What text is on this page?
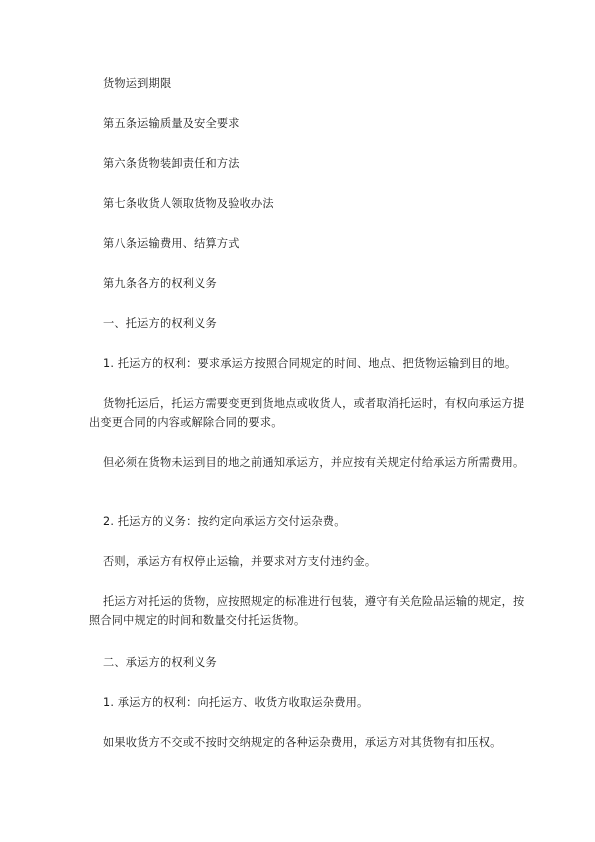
货物运到期限

第五条运输质量及安全要求

第六条货物装卸责任和方法

第七条收货人领取货物及验收办法

第八条运输费用、结算方式

第九条各方的权利义务

一、托运方的权利义务

1. 托运方的权利：要求承运方按照合同规定的时间、地点、把货物运输到目的地。

货物托运后，托运方需要变更到货地点或收货人，或者取消托运时，有权向承运方提出变更合同的内容或解除合同的要求。

但必须在货物未运到目的地之前通知承运方，并应按有关规定付给承运方所需费用。

2. 托运方的义务：按约定向承运方交付运杂费。

否则，承运方有权停止运输，并要求对方支付违约金。

托运方对托运的货物，应按照规定的标准进行包装，遵守有关危险品运输的规定，按照合同中规定的时间和数量交付托运货物。

二、承运方的权利义务

1. 承运方的权利：向托运方、收货方收取运杂费用。

如果收货方不交或不按时交纳规定的各种运杂费用，承运方对其货物有扣压权。
